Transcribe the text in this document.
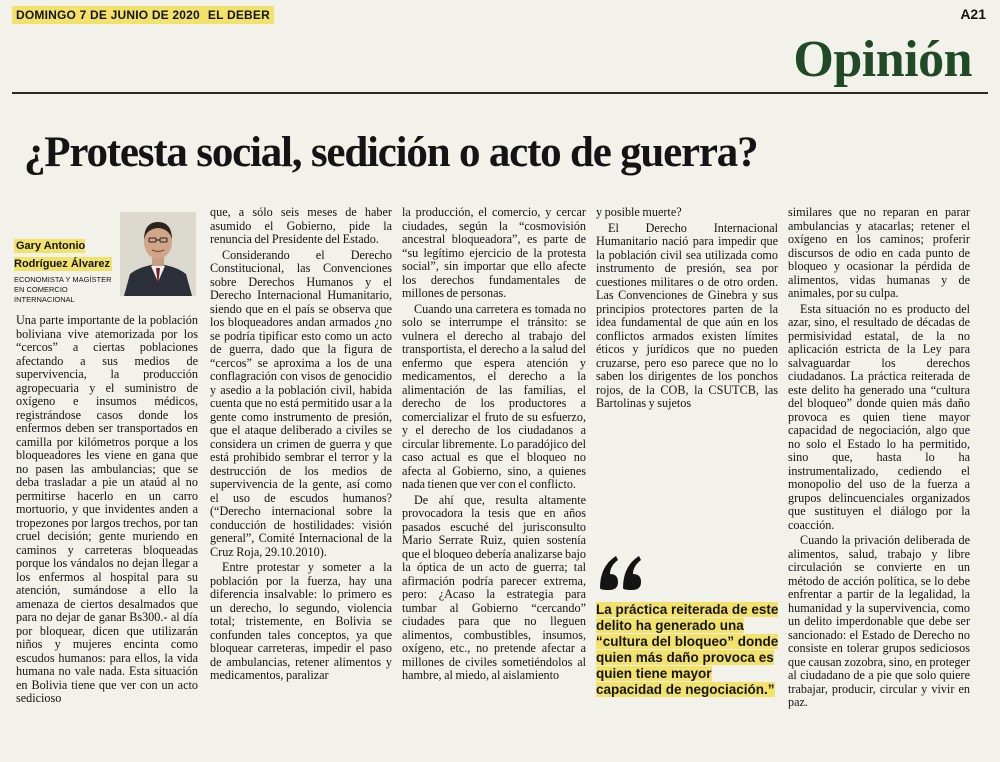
DOMINGO 7 DE JUNIO DE 2020 EL DEBER	A21
Opinión
¿Protesta social, sedición o acto de guerra?
Gary Antonio Rodríguez Álvarez
ECONOMISTA Y MAGÍSTER EN COMERCIO INTERNACIONAL

Una parte importante de la población boliviana vive atemorizada por los “cercos” a ciertas poblaciones afectando a sus medios de supervivencia, la producción agropecuaria y el suministro de oxígeno e insumos médicos, registrándose casos donde los enfermos deben ser transportados en camilla por kilómetros porque a los bloqueadores les viene en gana que no pasen las ambulancias; que se deba trasladar a pie un ataúd al no permitirse hacerlo en un carro mortuorio, y que invidentes anden a tropezones por largos trechos, por tan cruel decisión; gente muriendo en caminos y carreteras bloqueadas porque los vándalos no dejan llegar a los enfermos al hospital para su atención, sumándose a ello la amenaza de ciertos desalmados que para no dejar de ganar Bs300.- al día por bloquear, dicen que utilizarán niños y mujeres encinta como escudos humanos: para ellos, la vida humana no vale nada. Esta situación en Bolivia tiene que ver con un acto sedicioso

que, a sólo seis meses de haber asumido el Gobierno, pide la renuncia del Presidente del Estado.

Considerando el Derecho Constitucional, las Convenciones sobre Derechos Humanos y el Derecho Internacional Humanitario, siendo que en el país se observa que los bloqueadores andan armados ¿no se podría tipificar esto como un acto de guerra, dado que la figura de “cercos” se aproxima a los de una conflagración con visos de genocidio y asedio a la población civil, habida cuenta que no está permitido usar a la gente como instrumento de presión, que el ataque deliberado a civiles se considera un crimen de guerra y que está prohibido sembrar el terror y la destrucción de los medios de supervivencia de la gente, así como el uso de escudos humanos? (“Derecho internacional sobre la conducción de hostilidades: visión general”, Comité Internacional de la Cruz Roja, 29.10.2010).

Entre protestar y someter a la población por la fuerza, hay una diferencia insalvable: lo primero es un derecho, lo segundo, violencia total; tristemente, en Bolivia se confunden tales conceptos, ya que bloquear carreteras, impedir el paso de ambulancias, retener alimentos y medicamentos, paralizar

la producción, el comercio, y cercar ciudades, según la “cosmovisión ancestral bloqueadora”, es parte de “su legítimo ejercicio de la protesta social”, sin importar que ello afecte los derechos fundamentales de millones de personas.

Cuando una carretera es tomada no solo se interrumpe el tránsito: se vulnera el derecho al trabajo del transportista, el derecho a la salud del enfermo que espera atención y medicamentos, el derecho a la alimentación de las familias, el derecho de los productores a comercializar el fruto de su esfuerzo, y el derecho de los ciudadanos a circular libremente. Lo paradójico del caso actual es que el bloqueo no afecta al Gobierno, sino, a quienes nada tienen que ver con el conflicto.

De ahí que, resulta altamente provocadora la tesis que en años pasados escuché del jurisconsulto Mario Serrate Ruiz, quien sostenía que el bloqueo debería analizarse bajo la óptica de un acto de guerra; tal afirmación podría parecer extrema, pero: ¿Acaso la estrategia para tumbar al Gobierno “cercando” ciudades para que no lleguen alimentos, combustibles, insumos, oxígeno, etc., no pretende afectar a millones de civiles sometiéndolos al hambre, al miedo, al aislamiento

y posible muerte?

El Derecho Internacional Humanitario nació para impedir que la población civil sea utilizada como instrumento de presión, sea por cuestiones militares o de otro orden. Las Convenciones de Ginebra y sus principios protectores parten de la idea fundamental de que aún en los conflictos armados existen límites éticos y jurídicos que no pueden cruzarse, pero eso parece que no lo saben los dirigentes de los ponchos rojos, de la COB, la CSUTCB, las Bartolinas y sujetos

similares que no reparan en parar ambulancias y atacarlas; retener el oxígeno en los caminos; proferir discursos de odio en cada punto de bloqueo y ocasionar la pérdida de alimentos, vidas humanas y de animales, por su culpa.

Esta situación no es producto del azar, sino, el resultado de décadas de permisividad estatal, de la no aplicación estricta de la Ley para salvaguardar los derechos ciudadanos. La práctica reiterada de este delito ha generado una “cultura del bloqueo” donde quien más daño provoca es quien tiene mayor capacidad de negociación, algo que no solo el Estado lo ha permitido, sino que, hasta lo ha instrumentalizado, cediendo el monopolio del uso de la fuerza a grupos delincuenciales organizados que sustituyen el diálogo por la coacción.

Cuando la privación deliberada de alimentos, salud, trabajo y libre circulación se convierte en un método de acción política, se lo debe enfrentar a partir de la legalidad, la humanidad y la supervivencia, como un delito imperdonable que debe ser sancionado: el Estado de Derecho no consiste en tolerar grupos sediciosos que causan zozobra, sino, en proteger al ciudadano de a pie que solo quiere trabajar, producir, circular y vivir en paz.

La práctica reiterada de este delito ha generado una “cultura del bloqueo” donde quien más daño provoca es quien tiene mayor capacidad de negociación.”
